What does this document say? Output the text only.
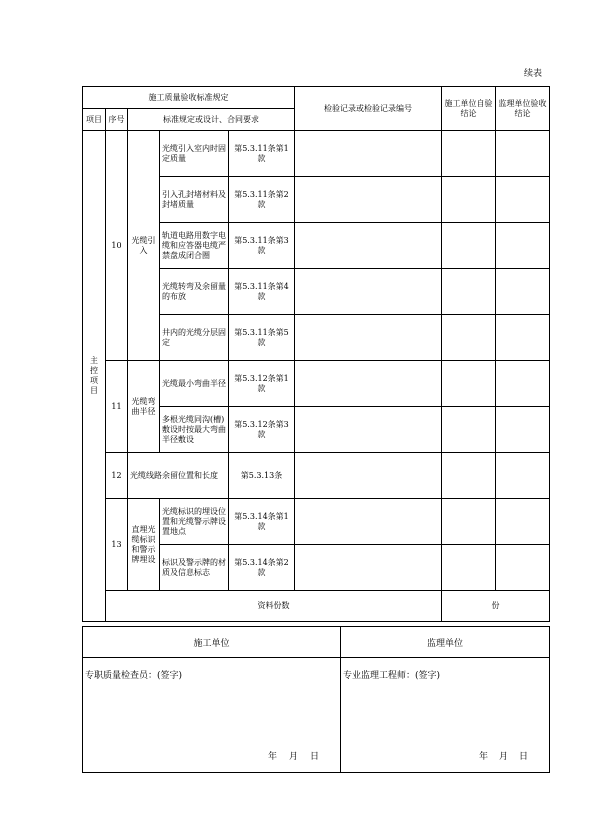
续表
施工质量验收标准规定					检验记录或检验记录编号	施工单位自验结论	监理单位验收结论	
项目	序号	标准规定或设计、合同要求						
主控项目	10	光缆引入	光缆引入室内时固定质量	第5.3.11条第1款				
			引入孔封堵材料及封堵质量	第5.3.11条第2款				
			轨道电路用数字电缆和应答器电缆严禁盘成闭合圈	第5.3.11条第3款				
			光缆转弯及余留量的布放	第5.3.11条第4款				
			井内的光缆分层固定	第5.3.11条第5款				
	11	光缆弯曲半径	光缆最小弯曲半径	第5.3.12条第1款				
			多根光缆同沟(槽)敷设时按最大弯曲半径敷设	第5.3.12条第3款				
	12	光缆线路余留位置和长度		第5.3.13条				
	13	直埋光缆标识和警示牌埋设	光缆标识的埋设位置和光缆警示牌设置地点	第5.3.14条第1款				
			标识及警示牌的材质及信息标志	第5.3.14条第2款				
	资料份数					份		
施工单位	监理单位

专职质量检查员：(签字)
年 月 日	专业监理工程师：(签字)
年 月 日
